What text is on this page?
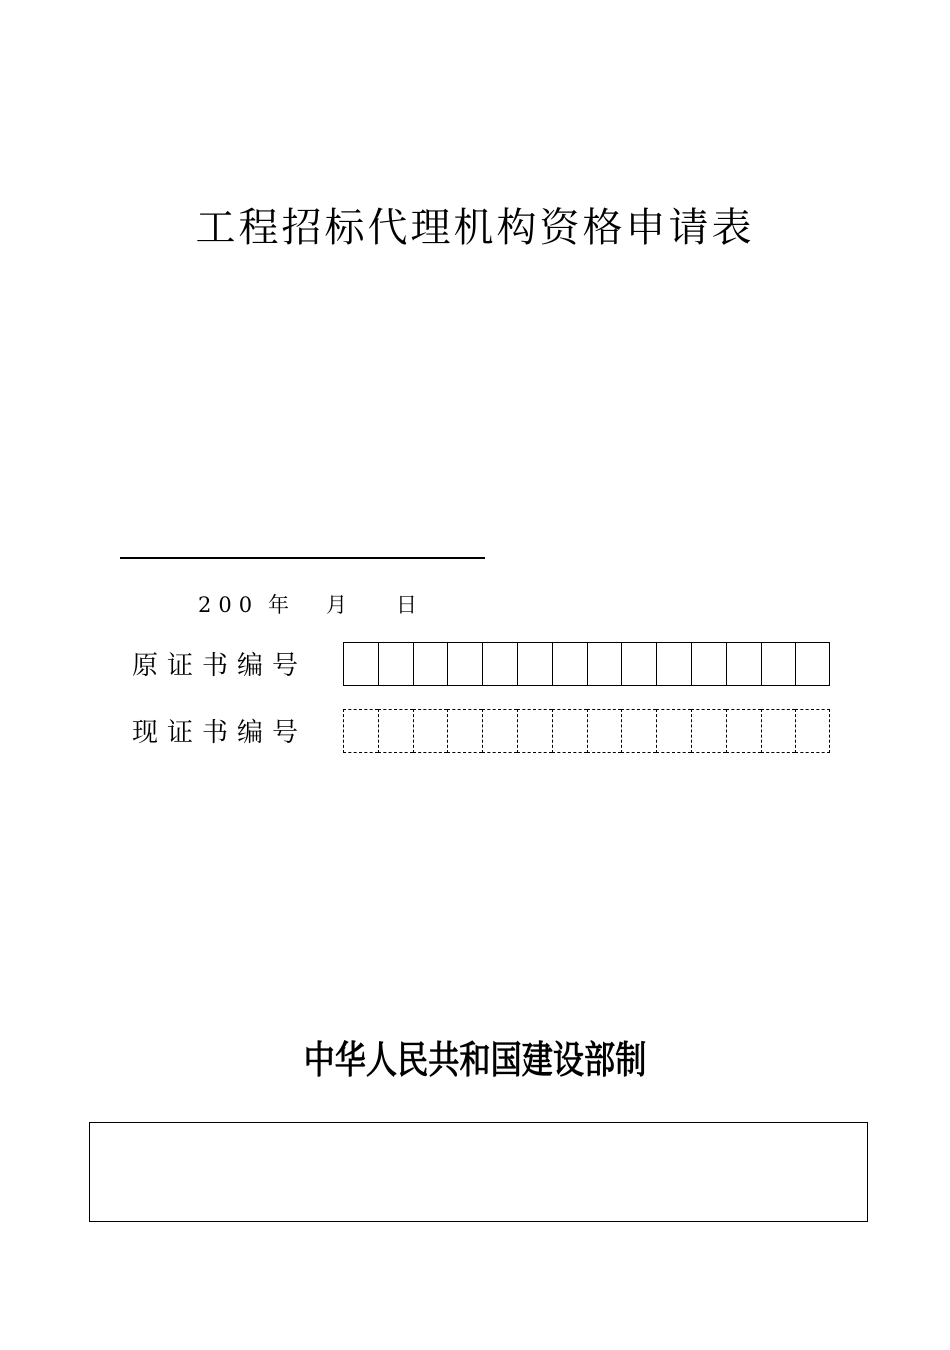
工程招标代理机构资格申请表
200 年 月 日
原证书编号
现证书编号
中华人民共和国建设部制
